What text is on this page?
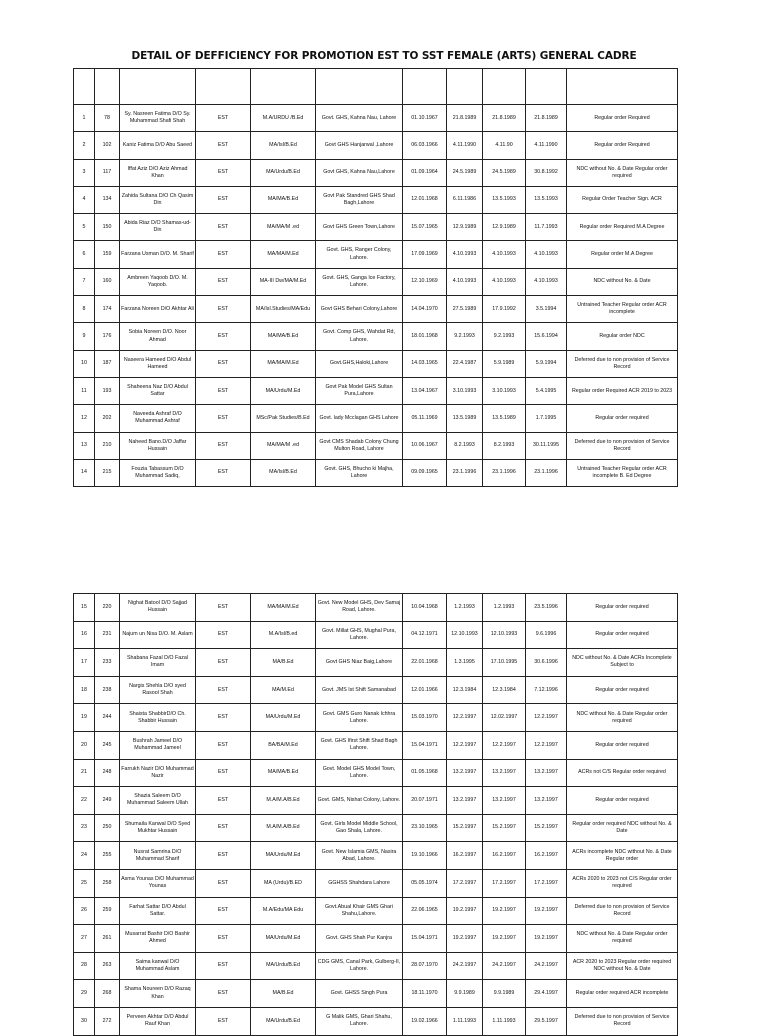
DETAIL OF DEFFICIENCY FOR PROMOTION EST TO SST FEMALE (ARTS) GENERAL CADRE

1	78	Sy. Nasreen Fatima D/O Sy. Muhammad Shafi Shah	EST	M.A/URDU /B.Ed	Govt. GHS, Kahna Nau, Lahore	01.10.1967	21.8.1989	21.8.1989	21.8.1989	Regular order Required
2	102	Kaniz Fatima D/O Abu Saeed	EST	MA/Isl/B.Ed	Govt GHS Hanjarwal ,Lahore	06.03.1966	4.11.1990	4.11.90	4.11.1990	Regular order Required
3	117	Iffat Aziz D/O Aziz Ahmad Khan	EST	MA/Urdu/B.Ed	Govt GHS, Kahna Nau,Lahore	01.09.1964	24.5.1989	24.5.1989	30.8.1992	NDC without No. & Date Regular order required
4	134	Zahida Sultana D/O Ch Qasim Din	EST	MA/MA/B.Ed	Govt Pak Standred GHS Shad Bagh,Lahore	12.01.1968	6.11.1986	13.5.1993	13.5.1993	Regular Order Teacher Sign. ACR
5	150	Abida Riaz D/O Shamas-ud-Din	EST	MA/MA/M .ed	Govt GHS Green Town,Lahore	15.07.1965	12.9.1989	12.9.1989	11.7.1993	Regular order Required M.A Degree
6	159	Farzana Usman D/O. M. Sharif	EST	MA/MA/M.Ed	Govt. GHS, Ranger Colony, Lahore.	17.09.1969	4.10.1993	4.10.1993	4.10.1993	Regular order M.A Degree
7	160	Ambreen Yaqoob D/O. M. Yaqoob.	EST	MA-III Dw/MA/M.Ed	Govt. GHS, Ganga Ice Factory, Lahore.	12.10.1969	4.10.1993	4.10.1993	4.10.1993	NDC without No. & Date
8	174	Farzana Noreen D/O Akhtar Ali	EST	MA/Isl.Studies/MA/Edu	Govt GHS Behari Colony,Lahore	14.04.1970	27.5.1989	17.9.1992	3.5.1994	Untrained Teacher Regular order ACR incomplete
9	176	Sobia Noreen D/O. Noor Ahmad	EST	MA/MA/B.Ed	Govt. Comp GHS, Wahdat Rd, Lahore.	18.01.1968	9.2.1993	9.2.1993	15.6.1994	Regular order NDC
10	187	Naseera Hameed D/O Abdul Hameed	EST	MA/MA/M.Ed	Govt.GHS,Haloki,Lahore	14.03.1965	22.4.1987	5.9.1989	5.9.1994	Deferred due to non provision of Service Record
11	193	Shaheena Naz D/O Abdul Sattar	EST	MA/Urdu/M.Ed	Govt Pak Model GHS Sultan Pura,Lahore	13.04.1967	3.10.1993	3.10.1993	5.4.1995	Regular order Required ACR 2019 to 2023
12	202	Naveeda Ashraf D/O Muhammad Ashraf	EST	MSc/Pak Studies/B.Ed	Govt. lady Mcclagan GHS Lahore	05.11.1969	13.5.1989	13.5.1989	1.7.1995	Regular order required
13	210	Naheed Bano.D/O Jaffar Hussain	EST	MA/MA/M .ed	Govt CMS Shadab Colony Chung Multon Road, Lahore	10.06.1967	8.2.1993	8.2.1993	30.11.1995	Deferred due to non provision of Service Record
14	215	Fouzia Tabassum D/O Muhammad Sadiq,	EST	MA/Isl/B.Ed	Govt. GHS, Bhucho ki Majha, Lahore	09.09.1965	23.1.1996	23.1.1996	23.1.1996	Untrained Teacher Regular order ACR incomplete B. Ed Degree
15	220	Nighat Batool D/O Sajjad Hussain	EST	MA/MA/M.Ed	Govt. New Model GHS, Dev Samaj Road, Lahore.	10.04.1968	1.2.1993	1.2.1993	23.5.1996	Regular order required
16	231	Najum un Nisa D/O. M. Aslam	EST	M.A/Isl/B.ed	Govt. Millat GHS, Mughal Pura, Lahore.	04.12.1971	12.10.1993	12.10.1993	9.6.1996	Regular order required
17	233	Shabana Fazal D/O Fazal Imam	EST	MA/B.Ed	Govt GHS Niaz Baig,Lahore	22.01.1968	1.3.1995	17.10.1995	30.6.1996	NDC without No. & Date ACRs Incomplete Subject to
18	238	Nargis Shehla D/O syed Rasool Shah	EST	MA/M.Ed	Govt. JMS Ist Shift Samanabad	12.01.1966	12.3.1984	12.3.1984	7.12.1996	Regular order required
19	244	Shaista ShabbirD/O Ch. Shabbir Hussain	EST	MA/Urdu/M.Ed	Govt. GMS Guro Nanak Ichhra Lahore.	15.03.1970	12.2.1997	12.02.1997	12.2.1997	NDC without No. & Date Regular order required
20	245	Bushrah Jameel D/O Muhammad Jameel	EST	BA/BA/M.Ed	Govt. GHS Ifirst Shift Shad Bagh Lahore.	15.04.1971	12.2.1997	12.2.1997	12.2.1997	Regular order required
21	248	Farrukh Nazir D/O Muhammad Nazir	EST	MA/MA/B.Ed	Govt. Model GHS Model Town, Lahore.	01.05.1968	13.2.1997	13.2.1997	13.2.1997	ACRs not C/S Regular order required
22	249	Shazia Saleem D/O Muhammad Saleem Ullah	EST	M.A/M.A/B.Ed	Govt. GMS, Nishat Colony, Lahore.	20.07.1971	13.2.1997	13.2.1997	13.2.1997	Regular order required
23	250	Shumaila Kanwal D/O Syed Mukhtar Hussain	EST	M.A/M.A/B.Ed	Govt. Girls Model Middle School, Gao Shala, Lahore.	23.10.1965	15.2.1997	15.2.1997	15.2.1997	Regular order required NDC without No. & Date
24	255	Nusrat Samrina D/O Muhammad Sharif	EST	MA/Urdu/M.Ed	Govt. New Islamia GMS, Nasira Abad, Lahore.	19.10.1966	16.2.1997	16.2.1997	16.2.1997	ACRs incomplete NDC without No. & Date Regular order
25	258	Asma Younas D/O Muhammad Younas	EST	MA (Urdu)/B.ED	GGHSS Shahdara Lahore	05.05.1974	17.2.1997	17.2.1997	17.2.1997	ACRs 2020 to 2023 not C/S Regular order required
26	259	Farhat Sattar D/O Abdul Sattar.	EST	M.A/Edu/MA Edu	Govt.Abual Khair GMS Ghari Shahu,Lahore.	22.06.1965	19.2.1997	19.2.1997	19.2.1997	Deferred due to non provision of Service Record
27	261	Musarrat Bashir D/O Bashir Ahmed	EST	MA/Urdu/M.Ed	Govt. GHS Shah Pur Kanjra	15.04.1971	19.2.1997	19.2.1997	19.2.1997	NDC without No. & Date Regular order required
28	263	Saima kanwal D/O Muhammad Aslam	EST	MA/Urdu/B.Ed	CDG GMS, Canal Park, Gulberg-II, Lahore.	28.07.1970	24.2.1997	24.2.1997	24.2.1997	ACR 2020 to 2023 Regular order required NDC without No. & Date
29	268	Shama Noureen D/O Razaq Khan	EST	MA/B.Ed	Govt. GHSS Singh Pura	18.11.1970	9.9.1989	9.9.1989	29.4.1997	Regular order required ACR incomplete
30	272	Perveen Akhtar D/O Abdul Rauf Khan	EST	MA/Urdu/B.Ed	G Malik GMS, Ghari Shahu, Lahore.	19.02.1966	1.11.1993	1.11.1993	29.5.1997	Deferred due to non provision of Service Record
